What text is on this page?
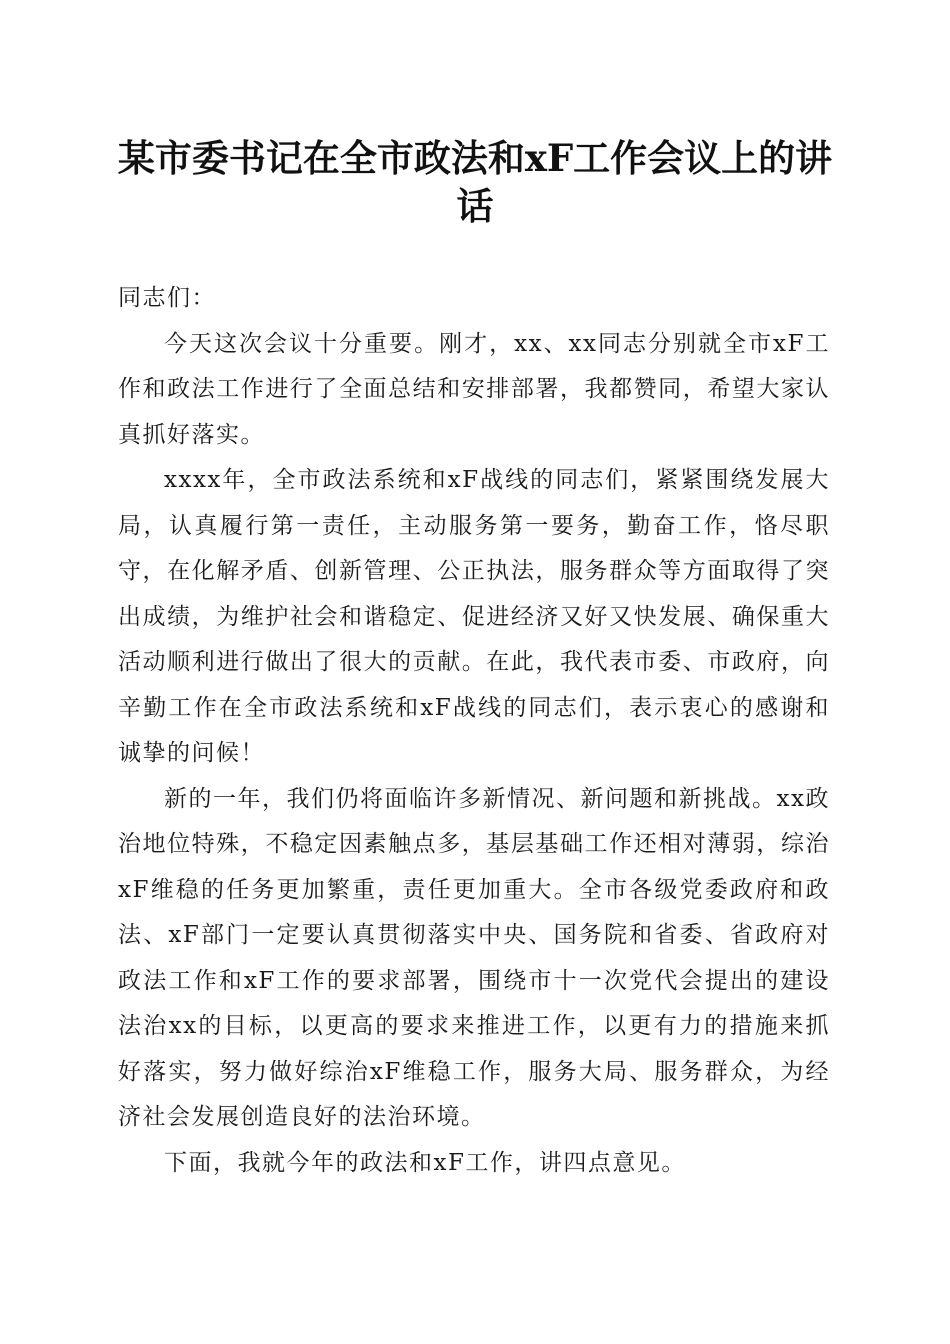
某市委书记在全市政法和xF工作会议上的讲话

同志们：

今天这次会议十分重要。刚才，xx、xx同志分别就全市xF工作和政法工作进行了全面总结和安排部署，我都赞同，希望大家认真抓好落实。

xxxx年，全市政法系统和xF战线的同志们，紧紧围绕发展大局，认真履行第一责任，主动服务第一要务，勤奋工作，恪尽职守，在化解矛盾、创新管理、公正执法，服务群众等方面取得了突出成绩，为维护社会和谐稳定、促进经济又好又快发展、确保重大活动顺利进行做出了很大的贡献。在此，我代表市委、市政府，向辛勤工作在全市政法系统和xF战线的同志们，表示衷心的感谢和诚挚的问候！

新的一年，我们仍将面临许多新情况、新问题和新挑战。xx政治地位特殊，不稳定因素触点多，基层基础工作还相对薄弱，综治xF维稳的任务更加繁重，责任更加重大。全市各级党委政府和政法、xF部门一定要认真贯彻落实中央、国务院和省委、省政府对政法工作和xF工作的要求部署，围绕市十一次党代会提出的建设法治xx的目标，以更高的要求来推进工作，以更有力的措施来抓好落实，努力做好综治xF维稳工作，服务大局、服务群众，为经济社会发展创造良好的法治环境。

下面，我就今年的政法和xF工作，讲四点意见。
